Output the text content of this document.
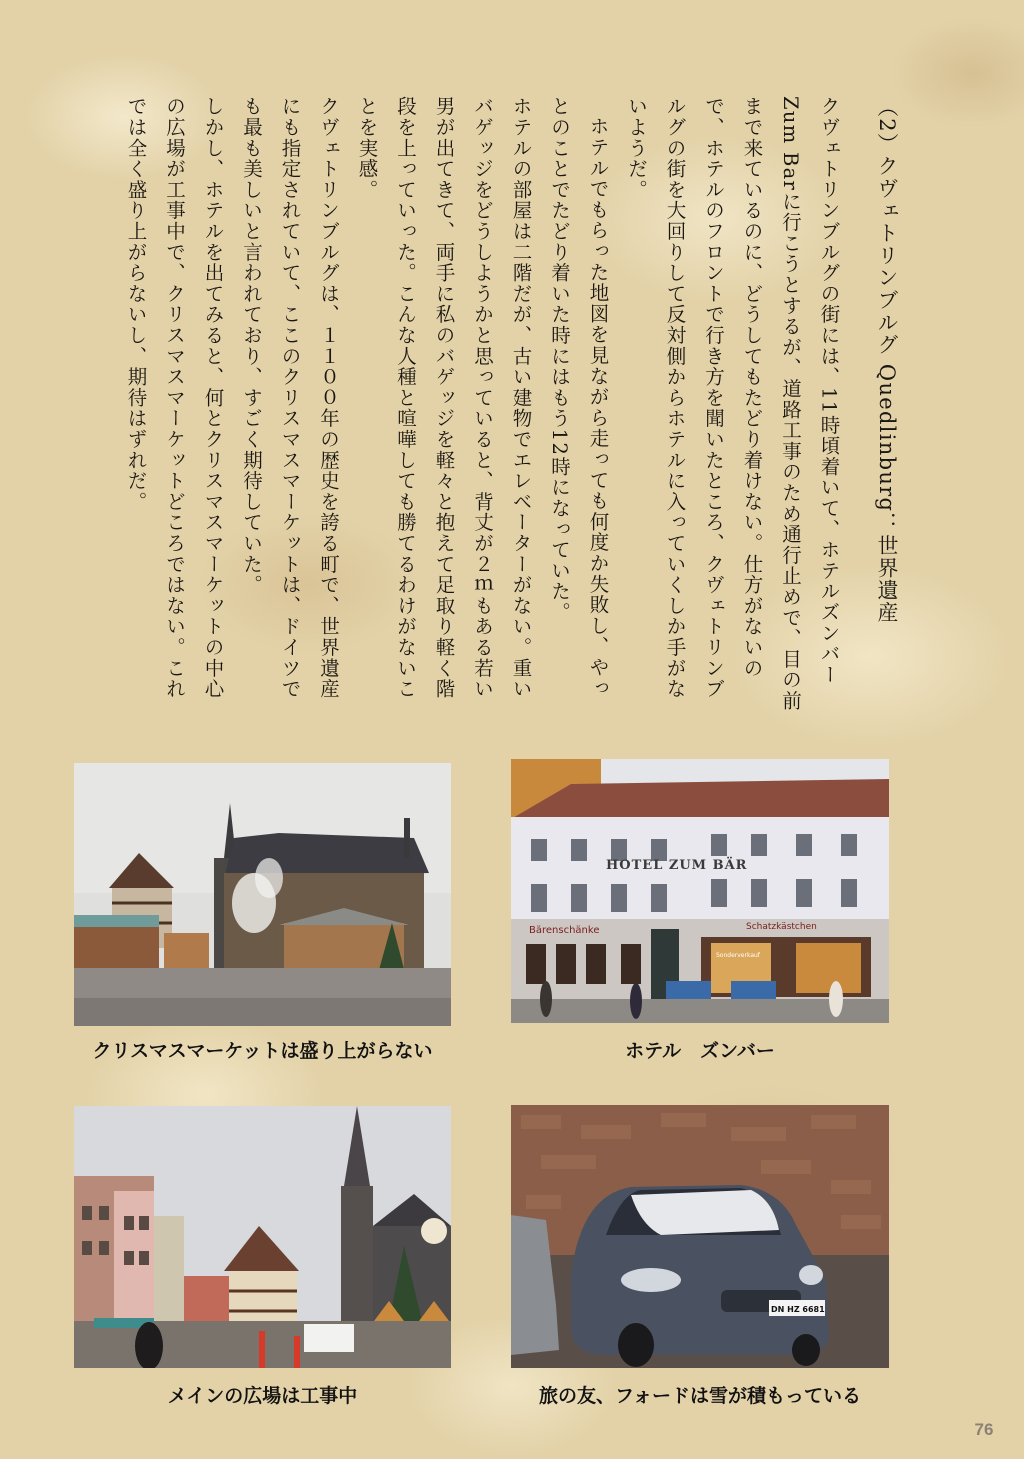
（2）クヴェトリンブルグ Quedlinburg：世界遺産

クヴェトリンブルグの街には、11時頃着いて、ホテルズンバーZum Barに行こうとするが、道路工事のため通行止めで、目の前まで来ているのに、どうしてもたどり着けない。仕方がないので、ホテルのフロントで行き方を聞いたところ、クヴェトリンブルグの街を大回りして反対側からホテルに入っていくしか手がないようだ。

ホテルでもらった地図を見ながら走っても何度か失敗し、やっとのことでたどり着いた時にはもう12時になっていた。

ホテルの部屋は二階だが、古い建物でエレベーターがない。重いバゲッジをどうしようかと思っていると、背丈が２ｍもある若い男が出てきて、両手に私のバゲッジを軽々と抱えて足取り軽く階段を上っていった。こんな人種と喧嘩しても勝てるわけがないことを実感。

クヴェトリンブルグは、１１００年の歴史を誇る町で、世界遺産にも指定されていて、ここのクリスマスマーケットは、ドイツでも最も美しいと言われており、すごく期待していた。

しかし、ホテルを出てみると、何とクリスマスマーケットの中心の広場が工事中で、クリスマスマーケットどころではない。これでは全く盛り上がらないし、期待はずれだ。

クリスマスマーケットは盛り上がらない
HOTEL ZUM BÄR
Bärenschänke	Schatzkästchen
Sonderverkauf
ホテル　ズンバー
メインの広場は工事中
DN HZ 6681
旅の友、フォードは雪が積もっている
76
